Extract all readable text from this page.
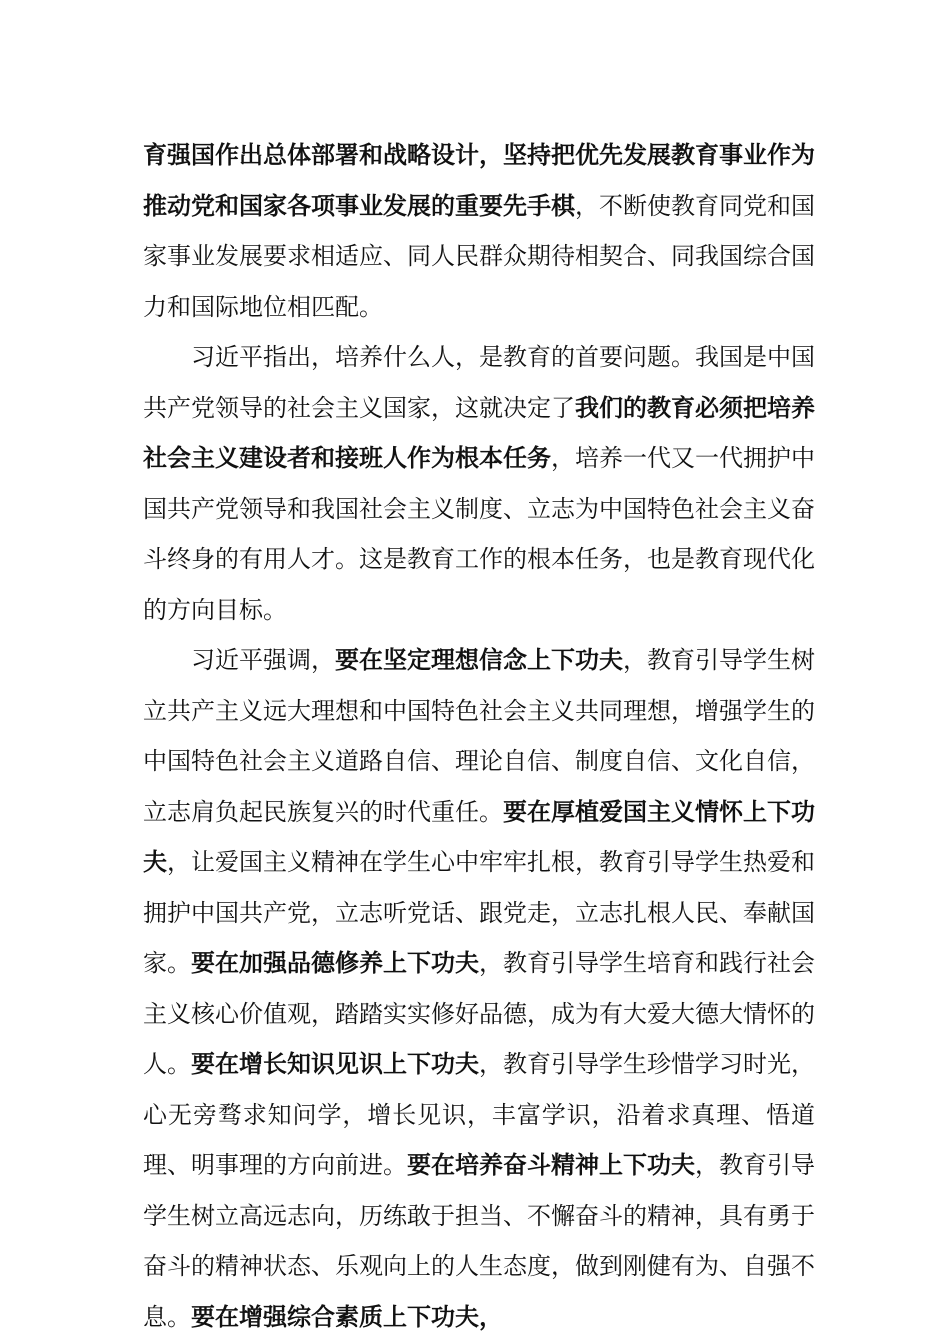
育强国作出总体部署和战略设计，坚持把优先发展教育事业作为推动党和国家各项事业发展的重要先手棋，不断使教育同党和国家事业发展要求相适应、同人民群众期待相契合、同我国综合国力和国际地位相匹配。

习近平指出，培养什么人，是教育的首要问题。我国是中国共产党领导的社会主义国家，这就决定了我们的教育必须把培养社会主义建设者和接班人作为根本任务，培养一代又一代拥护中国共产党领导和我国社会主义制度、立志为中国特色社会主义奋斗终身的有用人才。这是教育工作的根本任务，也是教育现代化的方向目标。

习近平强调，要在坚定理想信念上下功夫，教育引导学生树立共产主义远大理想和中国特色社会主义共同理想，增强学生的中国特色社会主义道路自信、理论自信、制度自信、文化自信，立志肩负起民族复兴的时代重任。要在厚植爱国主义情怀上下功夫，让爱国主义精神在学生心中牢牢扎根，教育引导学生热爱和拥护中国共产党，立志听党话、跟党走，立志扎根人民、奉献国家。要在加强品德修养上下功夫，教育引导学生培育和践行社会主义核心价值观，踏踏实实修好品德，成为有大爱大德大情怀的人。要在增长知识见识上下功夫，教育引导学生珍惜学习时光，心无旁骛求知问学，增长见识，丰富学识，沿着求真理、悟道理、明事理的方向前进。要在培养奋斗精神上下功夫，教育引导学生树立高远志向，历练敢于担当、不懈奋斗的精神，具有勇于奋斗的精神状态、乐观向上的人生态度，做到刚健有为、自强不息。要在增强综合素质上下功夫，
